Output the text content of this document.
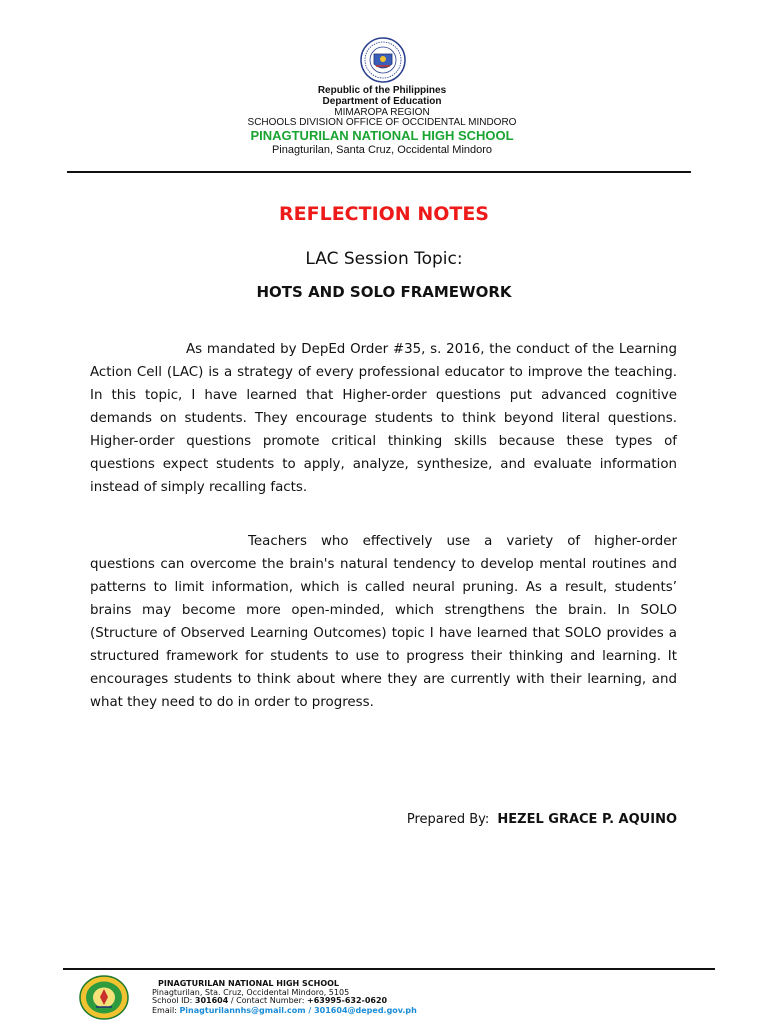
Republic of the Philippines
Department of Education
MIMAROPA REGION
SCHOOLS DIVISION OFFICE OF OCCIDENTAL MINDORO
PINAGTURILAN NATIONAL HIGH SCHOOL
Pinagturilan, Santa Cruz, Occidental Mindoro
REFLECTION NOTES
LAC Session Topic:
HOTS AND SOLO FRAMEWORK
As mandated by DepEd Order #35, s. 2016, the conduct of the Learning Action Cell (LAC) is a strategy of every professional educator to improve the teaching. In this topic, I have learned that Higher-order questions put advanced cognitive demands on students. They encourage students to think beyond literal questions. Higher-order questions promote critical thinking skills because these types of questions expect students to apply, analyze, synthesize, and evaluate information instead of simply recalling facts.
Teachers who effectively use a variety of higher-order questions can overcome the brain's natural tendency to develop mental routines and patterns to limit information, which is called neural pruning. As a result, students’ brains may become more open-minded, which strengthens the brain. In SOLO (Structure of Observed Learning Outcomes) topic I have learned that SOLO provides a structured framework for students to use to progress their thinking and learning. It encourages students to think about where they are currently with their learning, and what they need to do in order to progress.
Prepared By: HEZEL GRACE P. AQUINO
PINAGTURILAN NATIONAL HIGH SCHOOL
Pinagturilan, Sta. Cruz, Occidental Mindoro, 5105
School ID: 301604 / Contact Number: +63995-632-0620
Email: Pinagturilannhs@gmail.com / 301604@deped.gov.ph
